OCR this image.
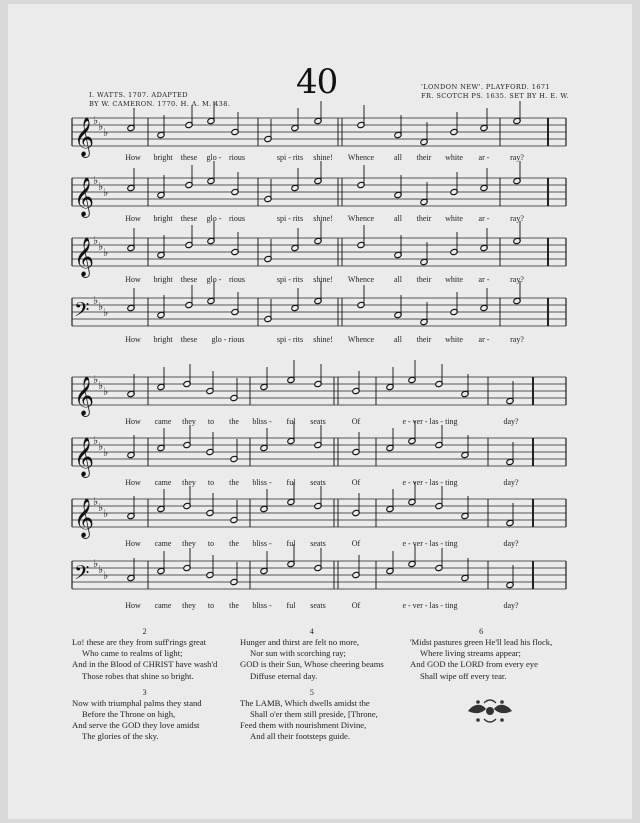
I. WATTS. 1707. ADAPTED
BY W. CAMERON. 1770. H. A. M. 438.
40	'LONDON NEW'. PLAYFORD. 1671
FR. SCOTCH PS. 1635. SET BY H. E. W.
♭ ♭ ♭
𝄞
♭ ♭ ♭
𝄞
♭ ♭ ♭
𝄞
♭ ♭ ♭
𝄢
♭ ♭ ♭
𝄞
♭ ♭ ♭
𝄞
♭ ♭ ♭
𝄞
♭ ♭ ♭
𝄢
How bright these glo - rious	spi - rits shine! Whence all their white ar -	ray?
How bright these glo - rious	spi - rits shine! Whence all their white ar -	ray?
How bright these glo - rious	spi - rits shine! Whence all their white ar -	ray?
How bright these glo - rious	spi - rits shine! Whence all their white ar -	ray?
How came they to the bliss - ful seats	Of	e - ver - las - ting	day?
How came they to the bliss - ful seats	Of	e - ver - las - ting	day?
How came they to the bliss - ful seats	Of	e - ver - las - ting	day?
How came they to the bliss - ful seats	Of	e - ver - las - ting	day?
2
Lo! these are they from suff'rings great
Who came to realms of light;
And in the Blood of CHRIST have wash'd
Those robes that shine so bright.
3
Now with triumphal palms they stand
Before the Throne on high,
And serve the GOD they love amidst
The glories of the sky.
4
Hunger and thirst are felt no more,
Nor sun with scorching ray;
GOD is their Sun, Whose cheering beams
Diffuse eternal day.
5
The LAMB, Which dwells amidst the
Shall o'er them still preside, [Throne,
Feed them with nourishment Divine,
And all their footsteps guide.
6
'Midst pastures green He'll lead his flock,
Where living streams appear;
And GOD the LORD from every eye
Shall wipe off every tear.
